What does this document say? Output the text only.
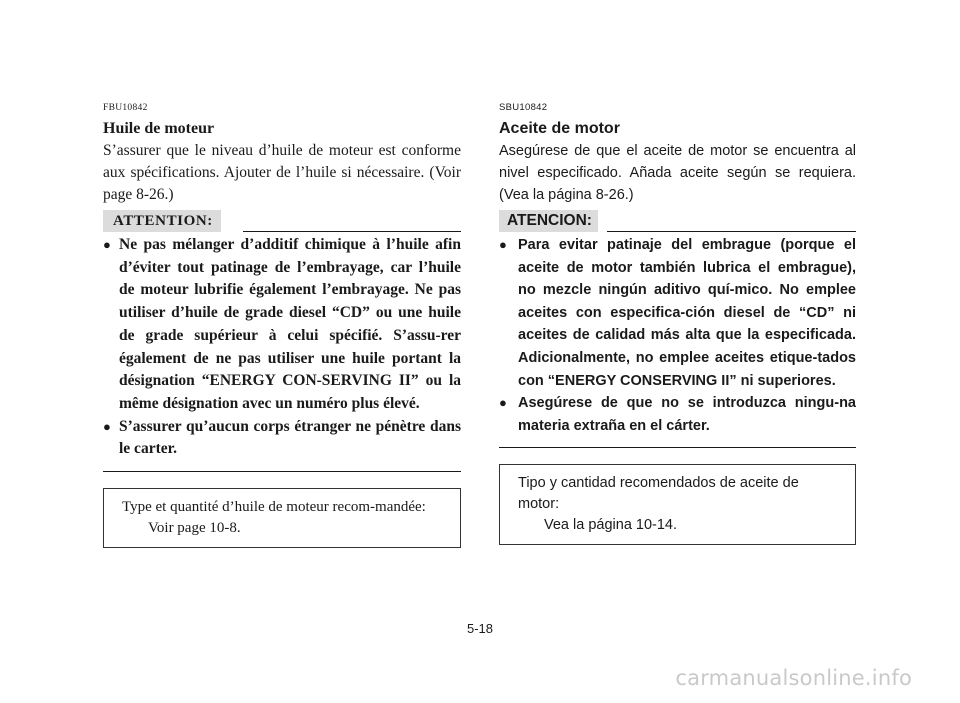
FBU10842
Huile de moteur
S’assurer que le niveau d’huile de moteur est conforme aux spécifications. Ajouter de l’huile si nécessaire. (Voir page 8-26.)
ATTENTION:
● Ne pas mélanger d’additif chimique à l’huile afin d’éviter tout patinage de l’embrayage, car l’huile de moteur lubrifie également l’embrayage. Ne pas utiliser d’huile de grade diesel “CD” ou une huile de grade supérieur à celui spécifié. S’assu-rer également de ne pas utiliser une huile portant la désignation “ENERGY CON-SERVING II” ou la même désignation avec un numéro plus élevé.
● S’assurer qu’aucun corps étranger ne pénètre dans le carter.
Type et quantité d’huile de moteur recom-mandée:
Voir page 10-8.
SBU10842
Aceite de motor
Asegúrese de que el aceite de motor se encuentra al nivel especificado. Añada aceite según se requiera. (Vea la página 8-26.)
ATENCION:
● Para evitar patinaje del embrague (porque el aceite de motor también lubrica el embrague), no mezcle ningún aditivo quí-mico. No emplee aceites con especifica-ción diesel de “CD” ni aceites de calidad más alta que la especificada. Adicionalmente, no emplee aceites etique-tados con “ENERGY CONSERVING II” ni superiores.
● Asegúrese de que no se introduzca ningu-na materia extraña en el cárter.
Tipo y cantidad recomendados de aceite de motor:
Vea la página 10-14.
5-18
carmanualsonline.info
